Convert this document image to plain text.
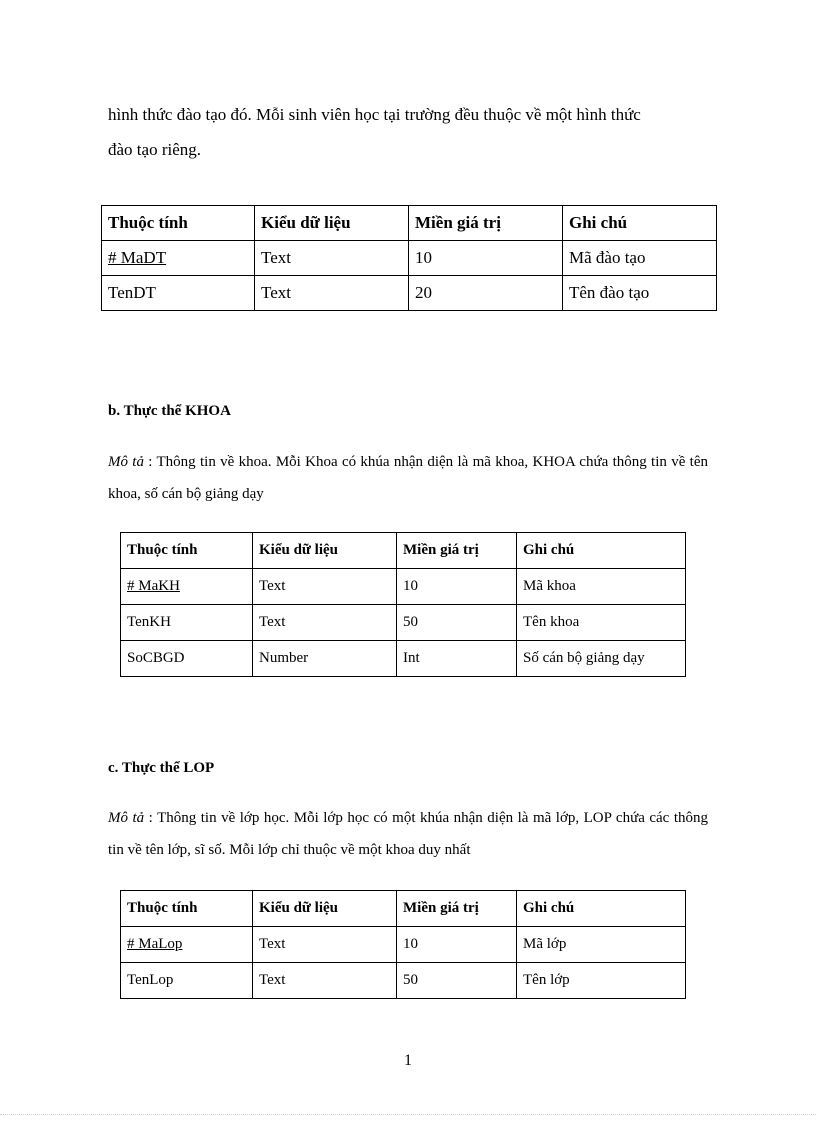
hình thức đào tạo đó. Mỗi sinh viên học tại trường đều thuộc về một hình thức
đào tạo riêng.

Thuộc tính	Kiểu dữ liệu	Miền giá trị	Ghi chú
# MaDT	Text	10	Mã đào tạo
TenDT	Text	20	Tên đào tạo

b. Thực thể KHOA

Mô tả : Thông tin về khoa. Mỗi Khoa có khúa nhận diện là mã khoa, KHOA chứa thông tin về tên khoa, số cán bộ giảng dạy

Thuộc tính	Kiểu dữ liệu	Miền giá trị	Ghi chú
# MaKH	Text	10	Mã khoa
TenKH	Text	50	Tên khoa
SoCBGD	Number	Int	Số cán bộ giảng dạy

c. Thực thể LOP

Mô tả : Thông tin về lớp học. Mỗi lớp học có một khúa nhận diện là mã lớp, LOP chứa các thông tin về tên lớp, sĩ số. Mỗi lớp chỉ thuộc về một khoa duy nhất

Thuộc tính	Kiểu dữ liệu	Miền giá trị	Ghi chú
# MaLop	Text	10	Mã lớp
TenLop	Text	50	Tên lớp
1
